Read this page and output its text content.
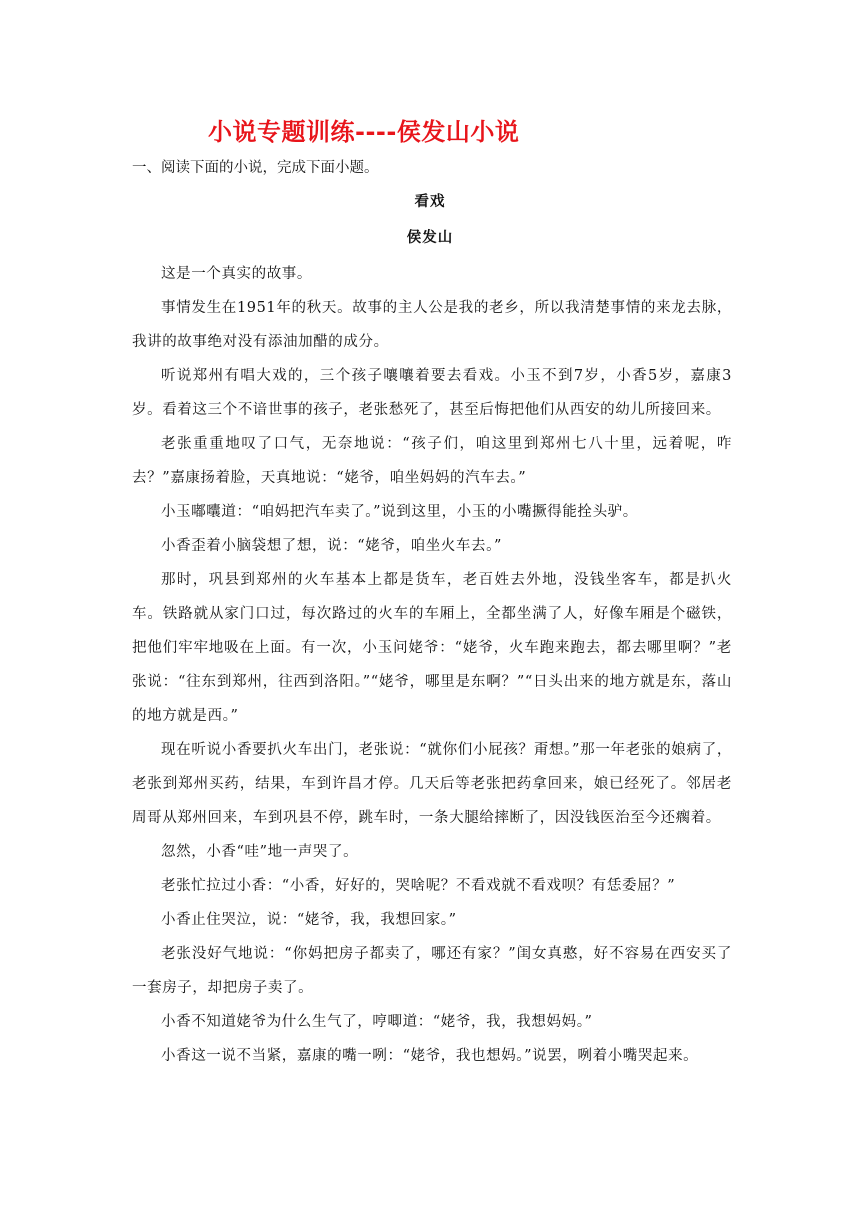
小说专题训练----侯发山小说
一、阅读下面的小说，完成下面小题。
看戏
侯发山

这是一个真实的故事。

事情发生在1951年的秋天。故事的主人公是我的老乡，所以我清楚事情的来龙去脉，我讲的故事绝对没有添油加醋的成分。

听说郑州有唱大戏的，三个孩子嚷嚷着要去看戏。小玉不到7岁，小香5岁，嘉康3岁。看着这三个不谙世事的孩子，老张愁死了，甚至后悔把他们从西安的幼儿所接回来。

老张重重地叹了口气，无奈地说：“孩子们，咱这里到郑州七八十里，远着呢，咋去？”嘉康扬着脸，天真地说：“姥爷，咱坐妈妈的汽车去。”

小玉嘟囔道：“咱妈把汽车卖了。”说到这里，小玉的小嘴撅得能拴头驴。

小香歪着小脑袋想了想，说：“姥爷，咱坐火车去。”

那时，巩县到郑州的火车基本上都是货车，老百姓去外地，没钱坐客车，都是扒火车。铁路就从家门口过，每次路过的火车的车厢上，全都坐满了人，好像车厢是个磁铁，把他们牢牢地吸在上面。有一次，小玉问姥爷：“姥爷，火车跑来跑去，都去哪里啊？”老张说：“往东到郑州，往西到洛阳。”“姥爷，哪里是东啊？”“日头出来的地方就是东，落山的地方就是西。”

现在听说小香要扒火车出门，老张说：“就你们小屁孩？甭想。”那一年老张的娘病了，老张到郑州买药，结果，车到许昌才停。几天后等老张把药拿回来，娘已经死了。邻居老周哥从郑州回来，车到巩县不停，跳车时，一条大腿给摔断了，因没钱医治至今还瘸着。

忽然，小香“哇”地一声哭了。

老张忙拉过小香：“小香，好好的，哭啥呢？不看戏就不看戏呗？有恁委屈？”

小香止住哭泣，说：“姥爷，我，我想回家。”

老张没好气地说：“你妈把房子都卖了，哪还有家？”闺女真憨，好不容易在西安买了一套房子，却把房子卖了。

小香不知道姥爷为什么生气了，哼唧道：“姥爷，我，我想妈妈。”

小香这一说不当紧，嘉康的嘴一咧：“姥爷，我也想妈。”说罢，咧着小嘴哭起来。
